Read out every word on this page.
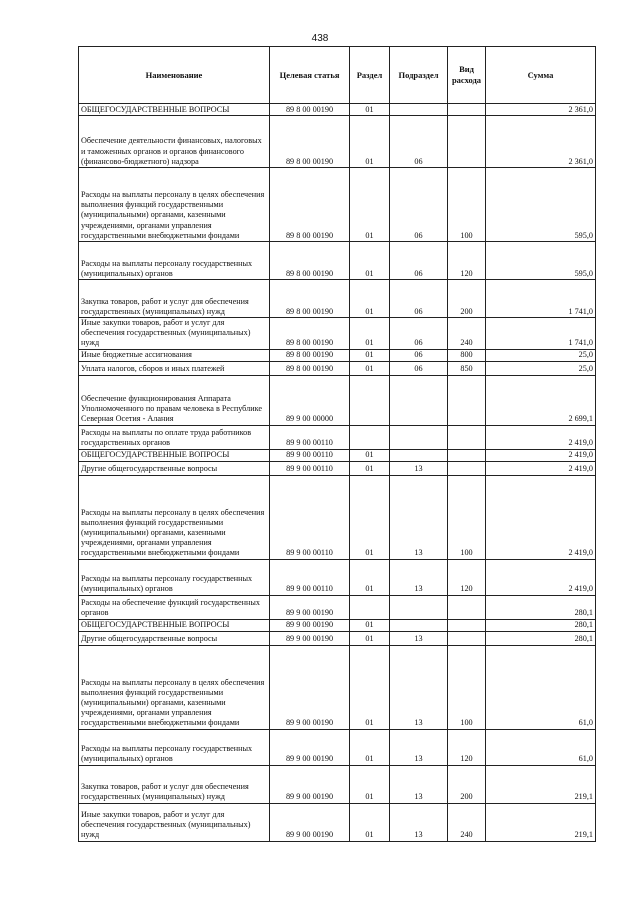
438
Наименование	Целевая статья	Раздел	Подраздел	Вид расхода	Сумма
ОБЩЕГОСУДАРСТВЕННЫЕ ВОПРОСЫ	89 8 00 00190	01			2 361,0
Обеспечение деятельности финансовых, налоговых и таможенных органов и органов финансового (финансово-бюджетного) надзора	89 8 00 00190	01	06		2 361,0
Расходы на выплаты персоналу в целях обеспечения выполнения функций государственными (муниципальными) органами, казенными учреждениями, органами управления государственными внебюджетными фондами	89 8 00 00190	01	06	100	595,0
Расходы на выплаты персоналу государственных (муниципальных) органов	89 8 00 00190	01	06	120	595,0
Закупка товаров, работ и услуг для обеспечения государственных (муниципальных) нужд	89 8 00 00190	01	06	200	1 741,0
Иные закупки товаров, работ и услуг для обеспечения государственных (муниципальных) нужд	89 8 00 00190	01	06	240	1 741,0
Иные бюджетные ассигнования	89 8 00 00190	01	06	800	25,0
Уплата налогов, сборов и иных платежей	89 8 00 00190	01	06	850	25,0
Обеспечение функционирования Аппарата Уполномоченного по правам человека в Республике Северная Осетия - Алания	89 9 00 00000				2 699,1
Расходы на выплаты по оплате труда работников государственных органов	89 9 00 00110				2 419,0
ОБЩЕГОСУДАРСТВЕННЫЕ ВОПРОСЫ	89 9 00 00110	01			2 419,0
Другие общегосударственные вопросы	89 9 00 00110	01	13		2 419,0
Расходы на выплаты персоналу в целях обеспечения выполнения функций государственными (муниципальными) органами, казенными учреждениями, органами управления государственными внебюджетными фондами	89 9 00 00110	01	13	100	2 419,0
Расходы на выплаты персоналу государственных (муниципальных) органов	89 9 00 00110	01	13	120	2 419,0
Расходы на обеспечение функций государственных органов	89 9 00 00190				280,1
ОБЩЕГОСУДАРСТВЕННЫЕ ВОПРОСЫ	89 9 00 00190	01			280,1
Другие общегосударственные вопросы	89 9 00 00190	01	13		280,1
Расходы на выплаты персоналу в целях обеспечения выполнения функций государственными (муниципальными) органами, казенными учреждениями, органами управления государственными внебюджетными фондами	89 9 00 00190	01	13	100	61,0
Расходы на выплаты персоналу государственных (муниципальных) органов	89 9 00 00190	01	13	120	61,0
Закупка товаров, работ и услуг для обеспечения государственных (муниципальных) нужд	89 9 00 00190	01	13	200	219,1
Иные закупки товаров, работ и услуг для обеспечения государственных (муниципальных) нужд	89 9 00 00190	01	13	240	219,1
